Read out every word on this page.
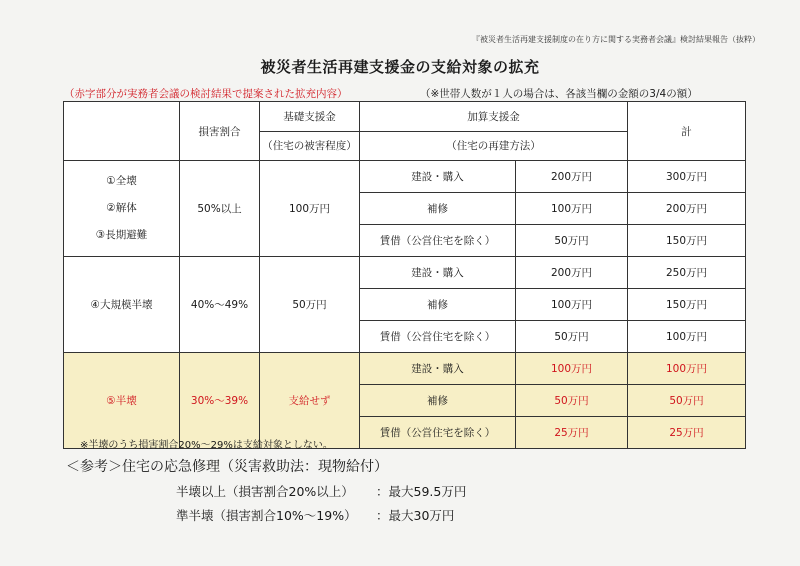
『被災者生活再建支援制度の在り方に関する実務者会議』検討結果報告（抜粋）
被災者生活再建支援金の支給対象の拡充
（赤字部分が実務者会議の検討結果で提案された拡充内容）	（※世帯人数が１人の場合は、各該当欄の金額の3/4の額）
	損害割合	基礎支援金	加算支援金		計
		（住宅の被害程度）	（住宅の再建方法）		

①全壊
②解体
③長期避難	50%以上	100万円	建設・購入	200万円	300万円
			補修	100万円	200万円
			賃借（公営住宅を除く）	50万円	150万円
④大規模半壊	40%～49%	50万円	建設・購入	200万円	250万円
			補修	100万円	150万円
			賃借（公営住宅を除く）	50万円	100万円
⑤半壊	30%～39%	支給せず	建設・購入	100万円	100万円
			補修	50万円	50万円
			賃借（公営住宅を除く）	25万円	25万円
※半壊のうち損害割合20%～29%は支給対象としない。
＜参考＞住宅の応急修理（災害救助法：現物給付）
半壊以上（損害割合20%以上） ：最大59.5万円
準半壊（損害割合10%～19%） ：最大30万円
